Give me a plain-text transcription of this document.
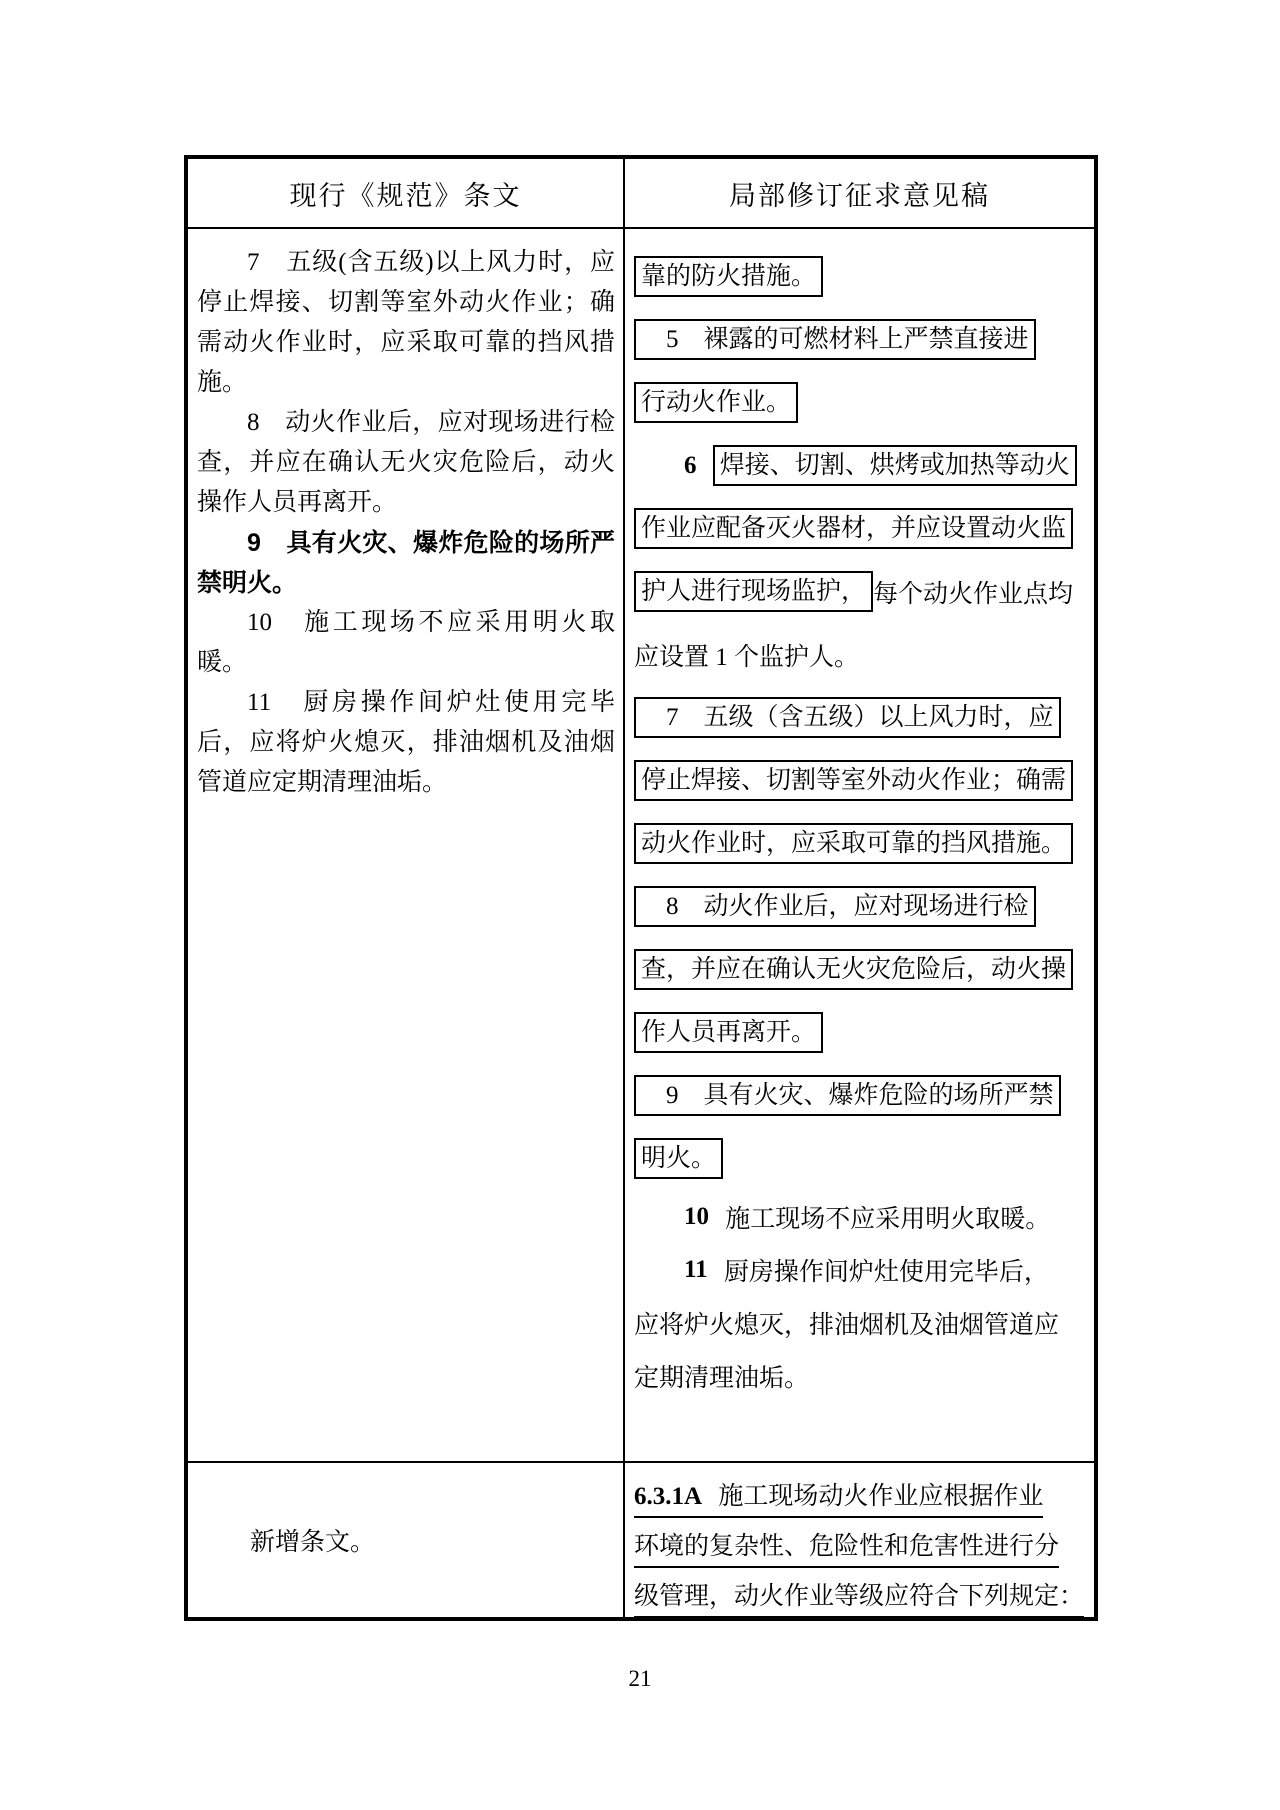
现行《规范》条文	局部修订征求意见稿
7　五级(含五级)以上风力时，应停止焊接、切割等室外动火作业；确需动火作业时，应采取可靠的挡风措施。
8　动火作业后，应对现场进行检查，并应在确认无火灾危险后，动火操作人员再离开。
9　具有火灾、爆炸危险的场所严禁明火。
10　施工现场不应采用明火取暖。
11　厨房操作间炉灶使用完毕后，应将炉火熄灭，排油烟机及油烟管道应定期清理油垢。
靠的防火措施。
　5　裸露的可燃材料上严禁直接进
行动火作业。
6 焊接、切割、烘烤或加热等动火
作业应配备灭火器材，并应设置动火监
护人进行现场监护， 每个动火作业点均
应设置 1 个监护人。
　7　五级（含五级）以上风力时，应
停止焊接、切割等室外动火作业；确需
动火作业时，应采取可靠的挡风措施。
　8　动火作业后，应对现场进行检
查，并应在确认无火灾危险后，动火操
作人员再离开。
　9　具有火灾、爆炸危险的场所严禁
明火。
10 施工现场不应采用明火取暖。
11 厨房操作间炉灶使用完毕后，
应将炉火熄灭，排油烟机及油烟管道应
定期清理油垢。
新增条文。
6.3.1A 施工现场动火作业应根据作业
环境的复杂性、危险性和危害性进行分
级管理，动火作业等级应符合下列规定：
21
